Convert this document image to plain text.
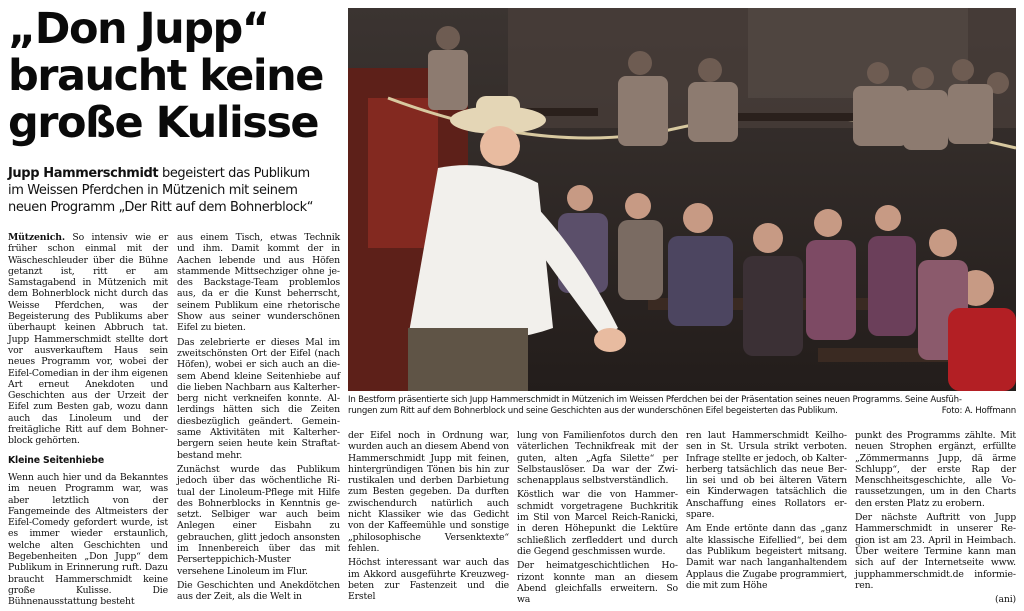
„Don Jupp“
braucht keine
große Kulisse
Jupp Hammerschmidt begeistert das Publikum
im Weissen Pferdchen in Mützenich mit seinem
neuen Programm „Der Ritt auf dem Bohnerblock“
In Bestform präsentierte sich Jupp Hammerschmidt in Mützenich im Weissen Pferdchen bei der Präsentation seines neuen Programms. Seine Ausfüh-
rungen zum Ritt auf dem Bohnerblock und seine Geschichten aus der wunderschönen Eifel begeisterten das Publikum.	Foto: A. Hoffmann

Mützenich. So intensiv wie er früher schon einmal mit der Wäscheschleuder über die Bühne getanzt ist, ritt er am Samstagabend in Mützenich mit dem Bohnerblock nicht durch das Weisse Pferdchen, was der Begeisterung des Publikums aber überhaupt keinen Abbruch tat. Jupp Hammerschmidt stellte dort vor ausverkauftem Haus sein neues Programm vor, wobei der Eifel-Comedian in der ihm eigenen Art erneut Anekdoten und Geschichten aus der Urzeit der Eifel zum Besten gab, wozu dann auch das Linoleum und der freitägliche Ritt auf dem Bohnerblock gehörten.

Kleine Seitenhiebe

Wenn auch hier und da Bekanntes im neuen Programm war, was aber letztlich von der Fangemeinde des Altmeisters der Eifel-Comedy gefordert wurde, ist es immer wieder erstaunlich, welche alten Geschichten und Begebenheiten „Don Jupp“ dem Publikum in Erinnerung ruft. Dazu braucht Hammerschmidt keine große Kulisse. Die Bühnenausstattung besteht

aus einem Tisch, etwas Technik und ihm. Damit kommt der in Aachen lebende und aus Höfen stammende Mittsechziger ohne jedes Backstage-Team problemlos aus, da er die Kunst beherrscht, seinem Publikum eine rhetorische Show aus seiner wunderschönen Eifel zu bieten.

Das zelebrierte er dieses Mal im zweitschönsten Ort der Eifel (nach Höfen), wobei er sich auch an diesem Abend kleine Seitenhiebe auf die lieben Nachbarn aus Kalterherberg nicht verkneifen konnte. Allerdings hätten sich die Zeiten diesbezüglich geändert. Gemeinsame Aktivitäten mit Kalterherbergern seien heute kein Straftatbestand mehr.

Zunächst wurde das Publikum jedoch über das wöchentliche Ritual der Linoleum-Pflege mit Hilfe des Bohnerblocks in Kenntnis gesetzt. Selbiger war auch beim Anlegen einer Eisbahn zu gebrauchen, glitt jedoch ansonsten im Innenbereich über das mit Perserteppichich-Muster versehene Linoleum im Flur.

Die Geschichten und Anekdötchen aus der Zeit, als die Welt in

der Eifel noch in Ordnung war, wurden auch an diesem Abend von Hammerschmidt Jupp mit feinen, hintergründigen Tönen bis hin zur rustikalen und derben Darbietung zum Besten gegeben. Da durften zwischendurch natürlich auch nicht Klassiker wie das Gedicht von der Kaffeemühle und sonstige „philosophische Versenktexte“ fehlen.

Höchst interessant war auch das im Akkord ausgeführte Kreuzwegbeten zur Fastenzeit und die Erstel

lung von Familienfotos durch den väterlichen Technikfreak mit der guten, alten „Agfa Silette“ per Selbstauslöser. Da war der Zwischenapplaus selbstverständlich.

Köstlich war die von Hammerschmidt vorgetragene Buchkritik im Stil von Marcel Reich-Ranicki, in deren Höhepunkt die Lektüre schließlich zerfleddert und durch die Gegend geschmissen wurde.

Der heimatgeschichtlichen Horizont konnte man an diesem Abend gleichfalls erweitern. So wa

ren laut Hammerschmidt Keilhosen in St. Ursula strikt verboten. Infrage stellte er jedoch, ob Kalterherberg tatsächlich das neue Berlin sei und ob bei älteren Vätern ein Kinderwagen tatsächlich die Anschaffung eines Rollators erspare.

Am Ende ertönte dann das „ganz alte klassische Eifellied“, bei dem das Publikum begeistert mitsang. Damit war nach langanhaltendem Applaus die Zugabe programmiert, die mit zum Höhe

punkt des Programms zählte. Mit neuen Strophen ergänzt, erfüllte „Zömmermanns Jupp, dä ärme Schlupp“, der erste Rap der Menschheitsgeschichte, alle Voraussetzungen, um in den Charts den ersten Platz zu erobern.

Der nächste Auftritt von Jupp Hammerschmidt in unserer Region ist am 23. April in Heimbach. Über weitere Termine kann man sich auf der Internetseite www. jupphammerschmidt.de informieren.

(ani)
